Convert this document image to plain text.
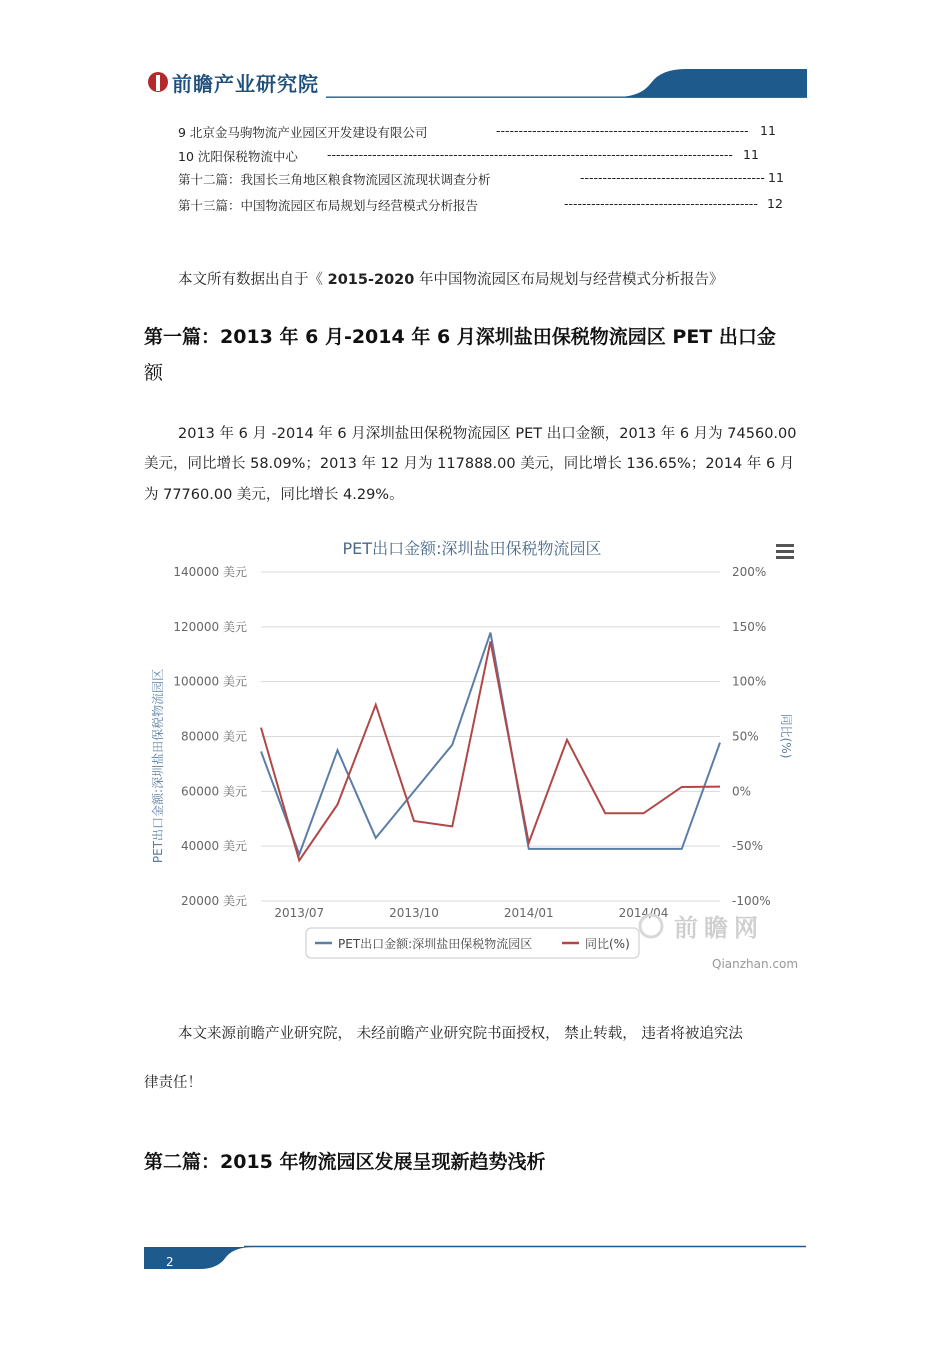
前瞻产业研究院
9 北京金马驹物流产业园区开发建设有限公司	-------------------------------------------------------- 11
10 沈阳保税物流中心 ------------------------------------------------------------------------------------------ 11
第十二篇：我国长三角地区粮食物流园区流现状调查分析	----------------------------------------- 11
第十三篇：中国物流园区布局规划与经营模式分析报告	------------------------------------------- 12
本文所有数据出自于《 2015-2020 年中国物流园区布局规划与经营模式分析报告》
第一篇：2013 年 6 月-2014 年 6 月深圳盐田保税物流园区 PET 出口金
额
2013 年 6 月 -2014 年 6 月深圳盐田保税物流园区 PET 出口金额，2013 年 6 月为 74560.00
美元，同比增长 58.09%；2013 年 12 月为 117888.00 美元，同比增长 136.65%；2014 年 6 月
为 77760.00 美元，同比增长 4.29%。
PET出口金额:深圳盐田保税物流园区
140000 美元
120000 美元
100000 美元
80000 美元
60000 美元
40000 美元
20000 美元
200%
150%
100%
50%
0%
-50%
-100%
2013/07	2013/10	2014/01	2014/04
PET出口金额:深圳盐田保税物流园区	同比(%)
前瞻网
Qianzhan.com
PET出口金额:深圳盐田保税物流园区	同比(%)
本文来源前瞻产业研究院， 未经前瞻产业研究院书面授权， 禁止转载， 违者将被追究法
律责任！
第二篇：2015 年物流园区发展呈现新趋势浅析
2
